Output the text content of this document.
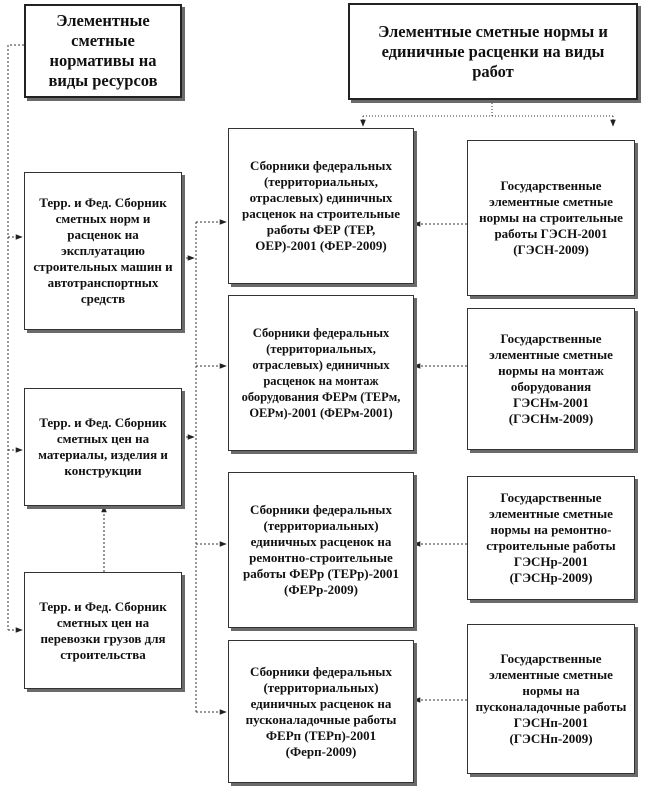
Элементные сметные нормативы на виды ресурсов
Элементные сметные нормы и единичные расценки на виды работ
Терр. и Фед. Сборник сметных норм и расценок на эксплуатацию строительных машин и автотранспортных средств
Терр. и Фед. Сборник сметных цен на материалы, изделия и конструкции
Терр. и Фед. Сборник сметных цен на перевозки грузов для строительства
Сборники федеральных (территориальных, отраслевых) единичных расценок на строительные работы ФЕР (ТЕР, ОЕР)-2001 (ФЕР-2009)
Сборники федеральных (территориальных, отраслевых) единичных расценок на монтаж оборудования ФЕРм (ТЕРм, ОЕРм)-2001 (ФЕРм-2001)
Сборники федеральных (территориальных) единичных расценок на ремонтно-строительные работы ФЕРр (ТЕРр)-2001 (ФЕРр-2009)
Сборники федеральных (территориальных) единичных расценок на пусконаладочные работы ФЕРп (ТЕРп)-2001 (Ферп-2009)
Государственные элементные сметные нормы на строительные работы ГЭСН-2001 (ГЭСН-2009)
Государственные элементные сметные нормы на монтаж оборудования ГЭСНм-2001 (ГЭСНм-2009)
Государственные элементные сметные нормы на ремонтно-строительные работы ГЭСНр-2001 (ГЭСНр-2009)
Государственные элементные сметные нормы на пусконаладочные работы ГЭСНп-2001 (ГЭСНп-2009)
